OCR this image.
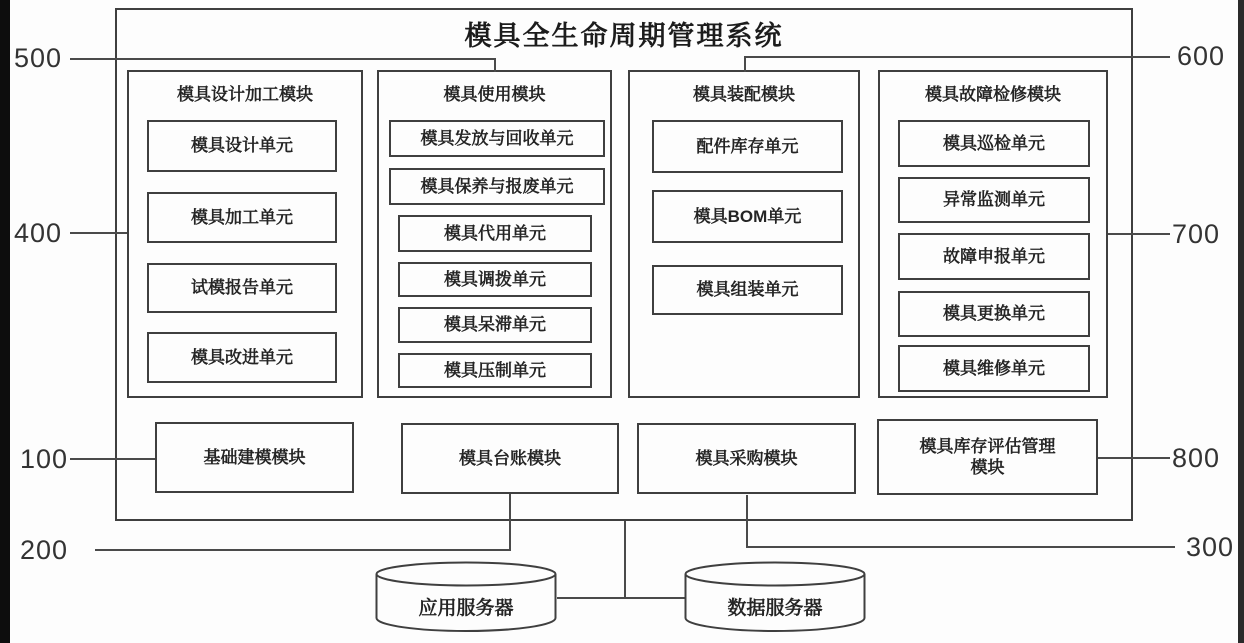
模具全生命周期管理系统
模具设计加工模块
模具设计单元
模具加工单元
试模报告单元
模具改进单元
模具使用模块
模具发放与回收单元
模具保养与报废单元
模具代用单元
模具调拨单元
模具呆滞单元
模具压制单元
模具装配模块
配件库存单元
模具BOM单元
模具组装单元
模具故障检修模块
模具巡检单元
异常监测单元
故障申报单元
模具更换单元
模具维修单元
基础建模模块	模具台账模块	模具采购模块
模具库存评估管理
模块
500
400
100
200
600
700
800
300
应用服务器	数据服务器
